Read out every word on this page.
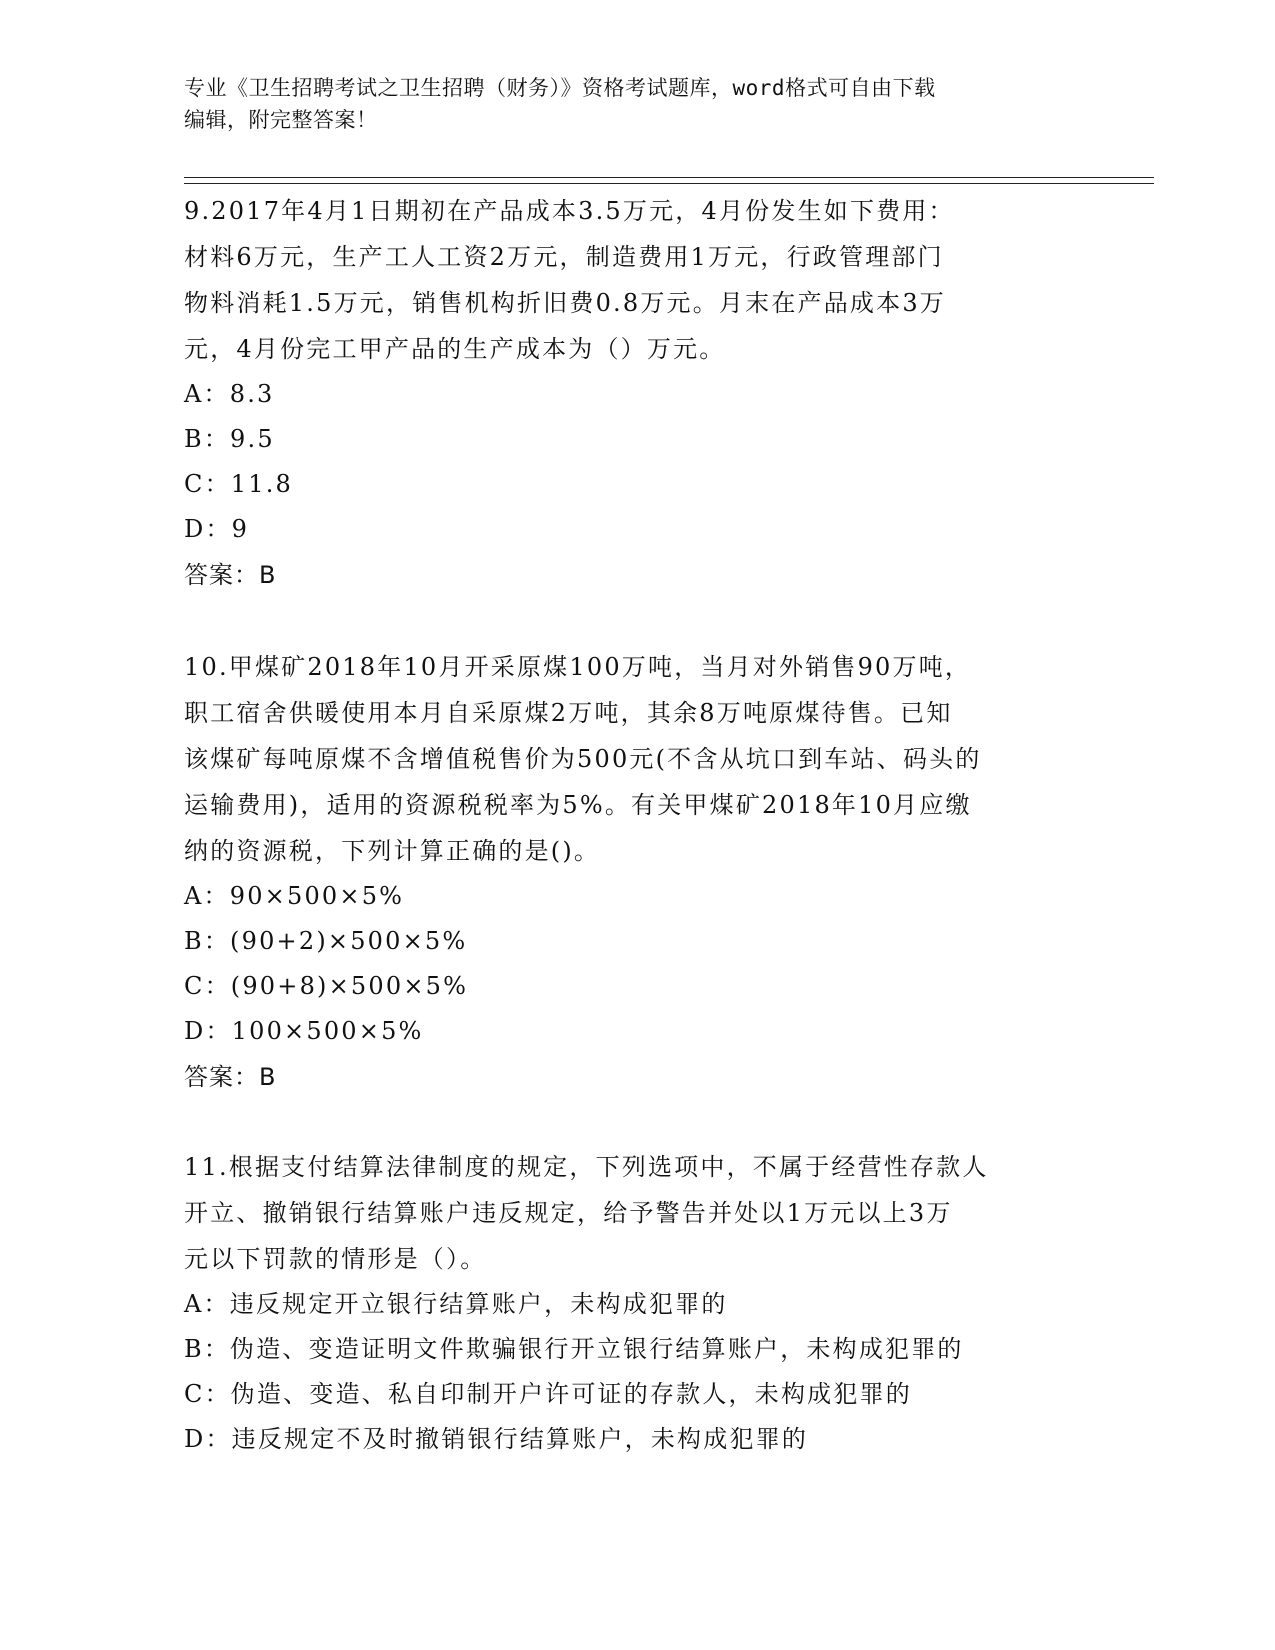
专业《卫生招聘考试之卫生招聘（财务）》资格考试题库，word格式可自由下载
编辑，附完整答案！
9.2017年4月1日期初在产品成本3.5万元，4月份发生如下费用：
材料6万元，生产工人工资2万元，制造费用1万元，行政管理部门
物料消耗1.5万元，销售机构折旧费0.8万元。月末在产品成本3万
元，4月份完工甲产品的生产成本为（）万元。
A：8.3
B：9.5
C：11.8
D：9
答案：B
10.甲煤矿2018年10月开采原煤100万吨，当月对外销售90万吨，
职工宿舍供暖使用本月自采原煤2万吨，其余8万吨原煤待售。已知
该煤矿每吨原煤不含增值税售价为500元(不含从坑口到车站、码头的
运输费用)，适用的资源税税率为5%。有关甲煤矿2018年10月应缴
纳的资源税，下列计算正确的是()。
A：90×500×5%
B：(90+2)×500×5%
C：(90+8)×500×5%
D：100×500×5%
答案：B
11.根据支付结算法律制度的规定，下列选项中，不属于经营性存款人
开立、撤销银行结算账户违反规定，给予警告并处以1万元以上3万
元以下罚款的情形是（）。
A：违反规定开立银行结算账户，未构成犯罪的
B：伪造、变造证明文件欺骗银行开立银行结算账户，未构成犯罪的
C：伪造、变造、私自印制开户许可证的存款人，未构成犯罪的
D：违反规定不及时撤销银行结算账户，未构成犯罪的
